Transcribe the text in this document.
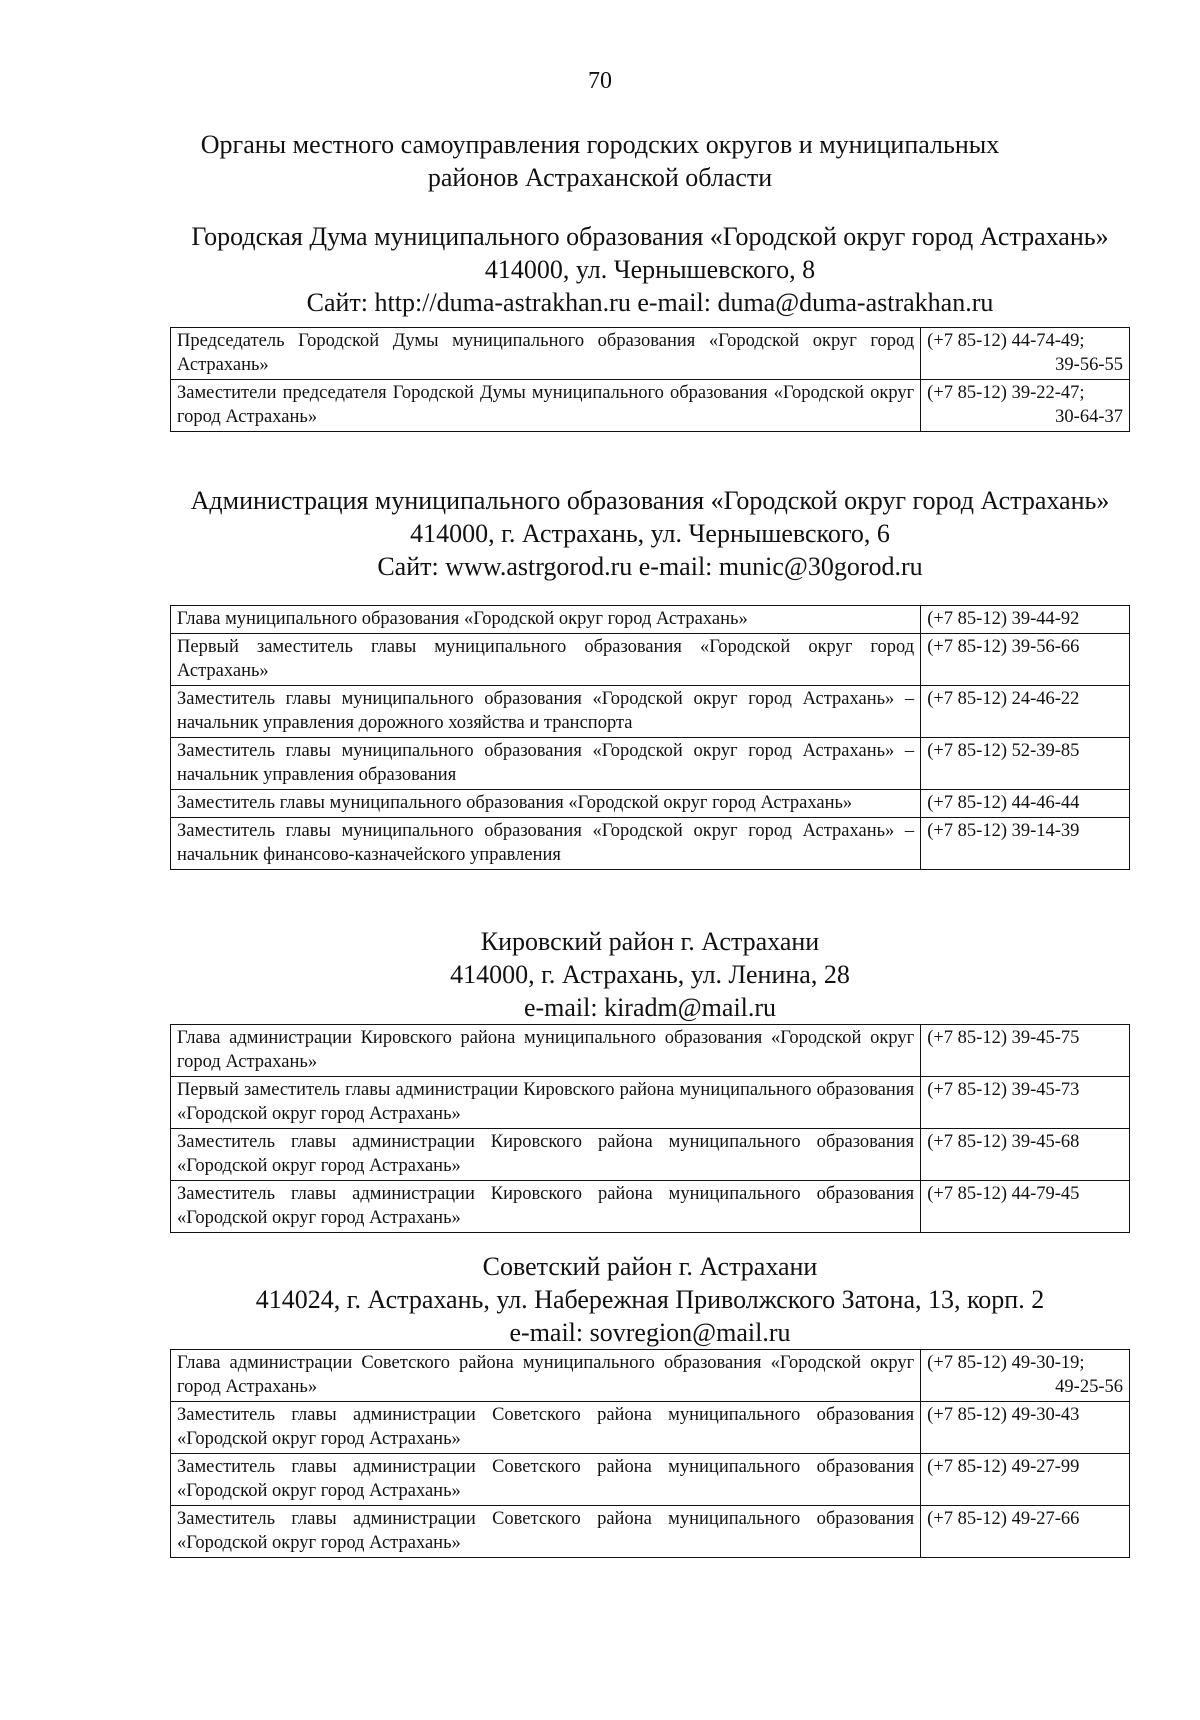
70
Органы местного самоуправления городских округов и муниципальных
районов Астраханской области
Городская Дума муниципального образования «Городской округ город Астрахань»
414000, ул. Чернышевского, 8
Сайт: http://duma-astrakhan.ru e-mail: duma@duma-astrakhan.ru
Председатель Городской Думы муниципального образования «Городской округ город Астрахань»	(+7 85-12) 44-74-49;
39-56-55

Заместители председателя Городской Думы муниципального образования «Городской округ город Астрахань»	(+7 85-12) 39-22-47;
30-64-37
Администрация муниципального образования «Городской округ город Астрахань»
414000, г. Астрахань, ул. Чернышевского, 6
Сайт: www.astrgorod.ru e-mail: munic@30gorod.ru
Глава муниципального образования «Городской округ город Астрахань»	(+7 85-12) 39-44-92

Первый заместитель главы муниципального образования «Городской округ город Астрахань»	(+7 85-12) 39-56-66

Заместитель главы муниципального образования «Городской округ город Астрахань» – начальник управления дорожного хозяйства и транспорта	(+7 85-12) 24-46-22

Заместитель главы муниципального образования «Городской округ город Астрахань» – начальник управления образования	(+7 85-12) 52-39-85

Заместитель главы муниципального образования «Городской округ город Астрахань»	(+7 85-12) 44-46-44

Заместитель главы муниципального образования «Городской округ город Астрахань» – начальник финансово-казначейского управления	(+7 85-12) 39-14-39
Кировский район г. Астрахани
414000, г. Астрахань, ул. Ленина, 28
e-mail: kiradm@mail.ru
Глава администрации Кировского района муниципального образования «Городской округ город Астрахань»	(+7 85-12) 39-45-75

Первый заместитель главы администрации Кировского района муниципального образования «Городской округ город Астрахань»	(+7 85-12) 39-45-73

Заместитель главы администрации Кировского района муниципального образования «Городской округ город Астрахань»	(+7 85-12) 39-45-68

Заместитель главы администрации Кировского района муниципального образования «Городской округ город Астрахань»	(+7 85-12) 44-79-45
Советский район г. Астрахани
414024, г. Астрахань, ул. Набережная Приволжского Затона, 13, корп. 2
e-mail: sovregion@mail.ru
Глава администрации Советского района муниципального образования «Городской округ город Астрахань»	(+7 85-12) 49-30-19;
49-25-56

Заместитель главы администрации Советского района муниципального образования «Городской округ город Астрахань»	(+7 85-12) 49-30-43

Заместитель главы администрации Советского района муниципального образования «Городской округ город Астрахань»	(+7 85-12) 49-27-99

Заместитель главы администрации Советского района муниципального образования «Городской округ город Астрахань»	(+7 85-12) 49-27-66
